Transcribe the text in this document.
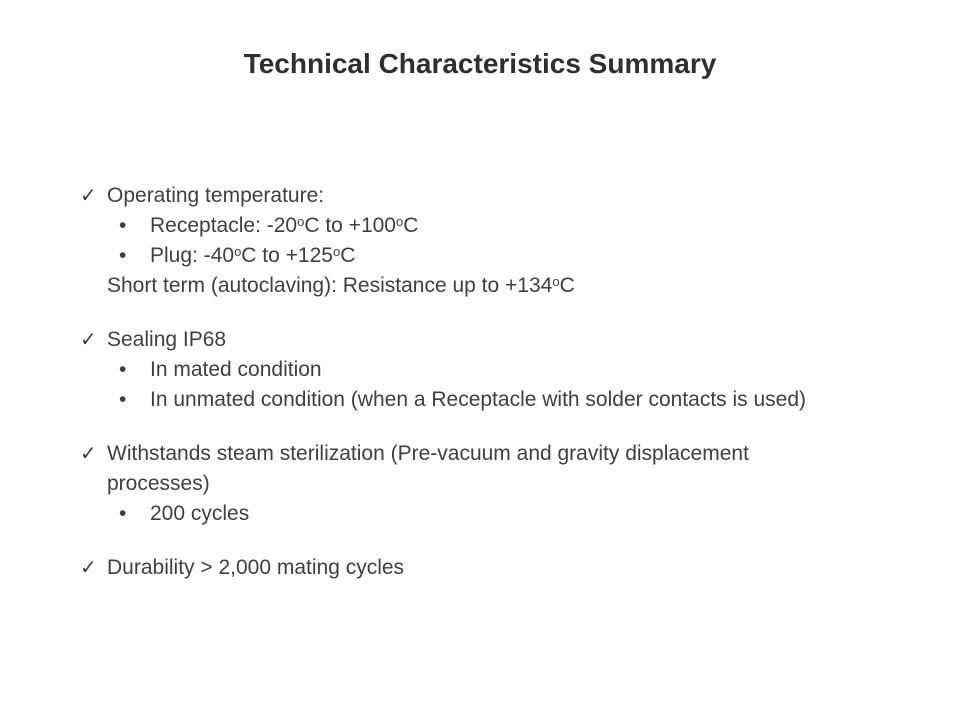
Technical Characteristics Summary
✓ Operating temperature:
• Receptacle: -20$^o$C to $+100^oC$
• Plug: -40$^o$C to $+125^oC$
Short term (autoclaving): Resistance up to $+134^oC$
✓ Sealing IP68
• In mated condition
• In unmated condition (when a Receptacle with solder contacts is used)
✓ Withstands steam sterilization (Pre-vacuum and gravity displacement
processes)
• 200 cycles
✓ Durability > 2,000 mating cycles
